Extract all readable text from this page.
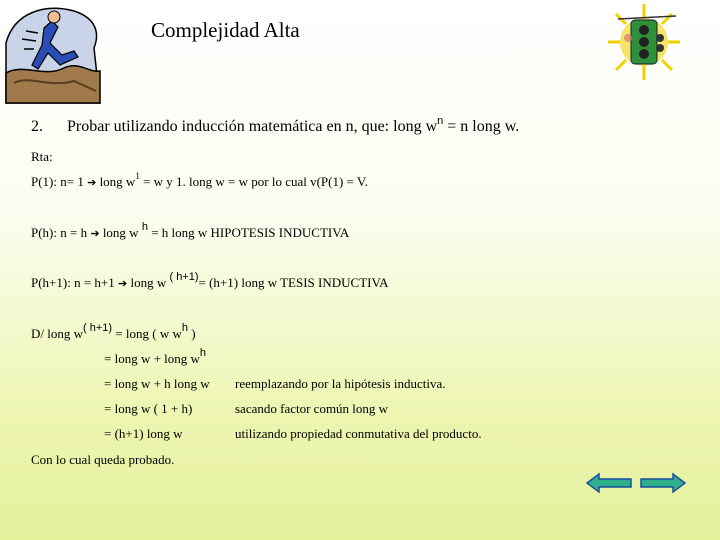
Complejidad Alta
2. Probar utilizando inducción matemática en n, que: long $w^n = n$ long w.
Rta:
P(1): n= 1 ➔ long $w^1 = w$ y 1. long w = w por lo cual v(P(1) = V.
P(h): n = h ➔ long w $^h$ = h long w HIPOTESIS INDUCTIVA
P(h+1): n = h+1 ➔ long w $^{( h+1)}$= (h+1) long w TESIS INDUCTIVA
D/ long $w^{( h+1)}$ = long ( w $w^h$ )
= long w + long $w^h$
= long w + h long w reemplazando por la hipótesis inductiva.
= long w ( 1 + h)	sacando factor común long w
= (h+1) long w	utilizando propiedad conmutativa del producto.
Con lo cual queda probado.
